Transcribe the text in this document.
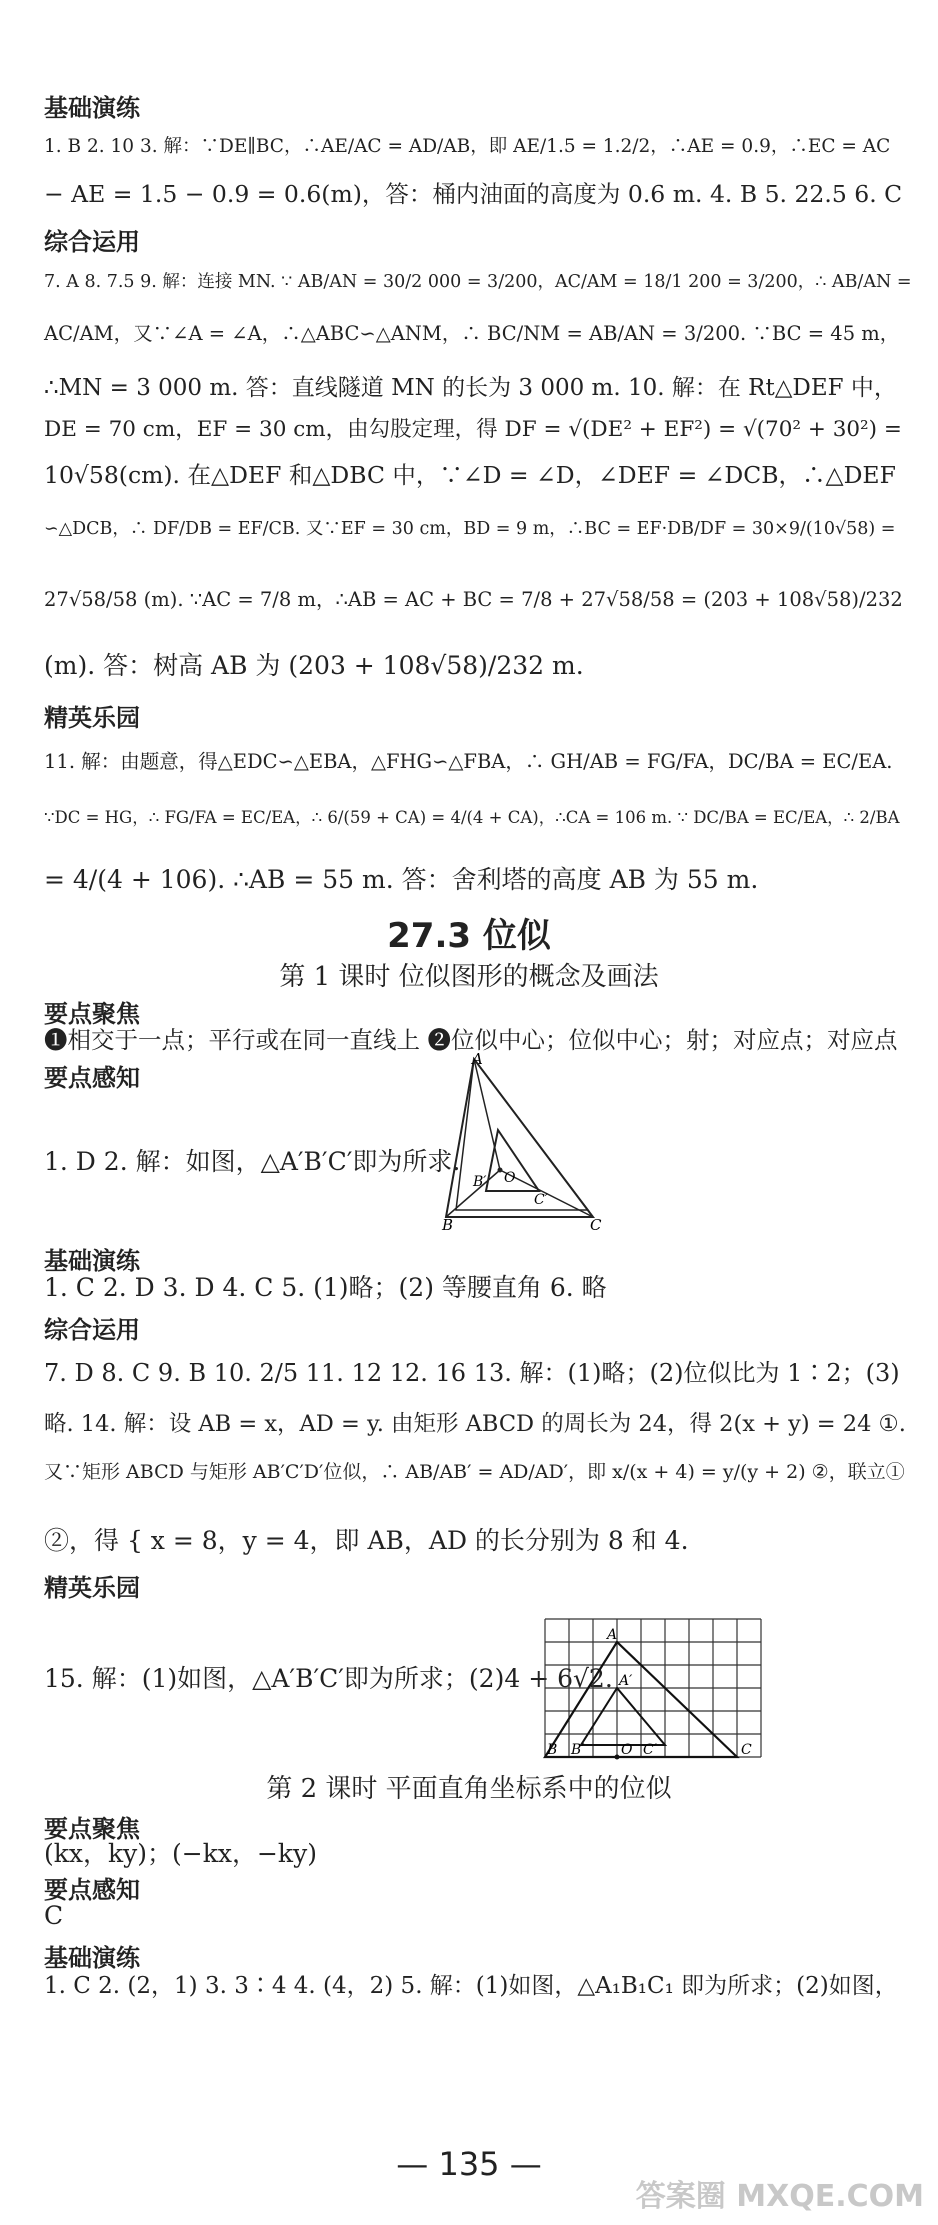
基础演练
1. B 2. 10 3. 解：∵DE∥BC，∴AE/AC = AD/AB，即 AE/1.5 = 1.2/2，∴AE = 0.9，∴EC = AC
− AE = 1.5 − 0.9 = 0.6(m)，答：桶内油面的高度为 0.6 m. 4. B 5. 22.5 6. C
综合运用
7. A 8. 7.5 9. 解：连接 MN. ∵ AB/AN = 30/2 000 = 3/200，AC/AM = 18/1 200 = 3/200，∴ AB/AN =
AC/AM，又∵∠A = ∠A，∴△ABC∽△ANM，∴ BC/NM = AB/AN = 3/200. ∵BC = 45 m，
∴MN = 3 000 m. 答：直线隧道 MN 的长为 3 000 m. 10. 解：在 Rt△DEF 中，
DE = 70 cm，EF = 30 cm，由勾股定理，得 DF = √(DE² + EF²) = √(70² + 30²) =
10√58(cm). 在△DEF 和△DBC 中，∵∠D = ∠D，∠DEF = ∠DCB，∴△DEF
∽△DCB，∴ DF/DB = EF/CB. 又∵EF = 30 cm，BD = 9 m，∴BC = EF·DB/DF = 30×9/(10√58) =
27√58/58 (m). ∵AC = 7/8 m，∴AB = AC + BC = 7/8 + 27√58/58 = (203 + 108√58)/232
(m). 答：树高 AB 为 (203 + 108√58)/232 m.
精英乐园
11. 解：由题意，得△EDC∽△EBA，△FHG∽△FBA，∴ GH/AB = FG/FA，DC/BA = EC/EA.
∵DC = HG，∴ FG/FA = EC/EA，∴ 6/(59 + CA) = 4/(4 + CA)，∴CA = 106 m. ∵ DC/BA = EC/EA，∴ 2/BA
= 4/(4 + 106). ∴AB = 55 m. 答：舍利塔的高度 AB 为 55 m.
27.3 位似
第 1 课时 位似图形的概念及画法
要点聚焦
❶相交于一点；平行或在同一直线上 ❷位似中心；位似中心；射；对应点；对应点
要点感知
1. D 2. 解：如图，△A′B′C′即为所求.
A
B	C
B′ O
C′
基础演练
1. C 2. D 3. D 4. C 5. (1)略；(2) 等腰直角 6. 略
综合运用
7. D 8. C 9. B 10. 2/5 11. 12 12. 16 13. 解：(1)略；(2)位似比为 1∶2；(3)
略. 14. 解：设 AB = x，AD = y. 由矩形 ABCD 的周长为 24，得 2(x + y) = 24 ①.
又∵矩形 ABCD 与矩形 AB′C′D′位似，∴ AB/AB′ = AD/AD′，即 x/(x + 4) = y/(y + 2) ②，联立①
②，得 { x = 8，y = 4，即 AB，AD 的长分别为 8 和 4.
精英乐园
15. 解：(1)如图，△A′B′C′即为所求；(2)4 + 6√2.
A
A′
B B′	O C′	C
第 2 课时 平面直角坐标系中的位似
要点聚焦
(kx，ky)；(−kx，−ky)
要点感知
C
基础演练
1. C 2. (2，1) 3. 3∶4 4. (4，2) 5. 解：(1)如图，△A₁B₁C₁ 即为所求；(2)如图，
— 135 —
答案圈 MXQE.COM
